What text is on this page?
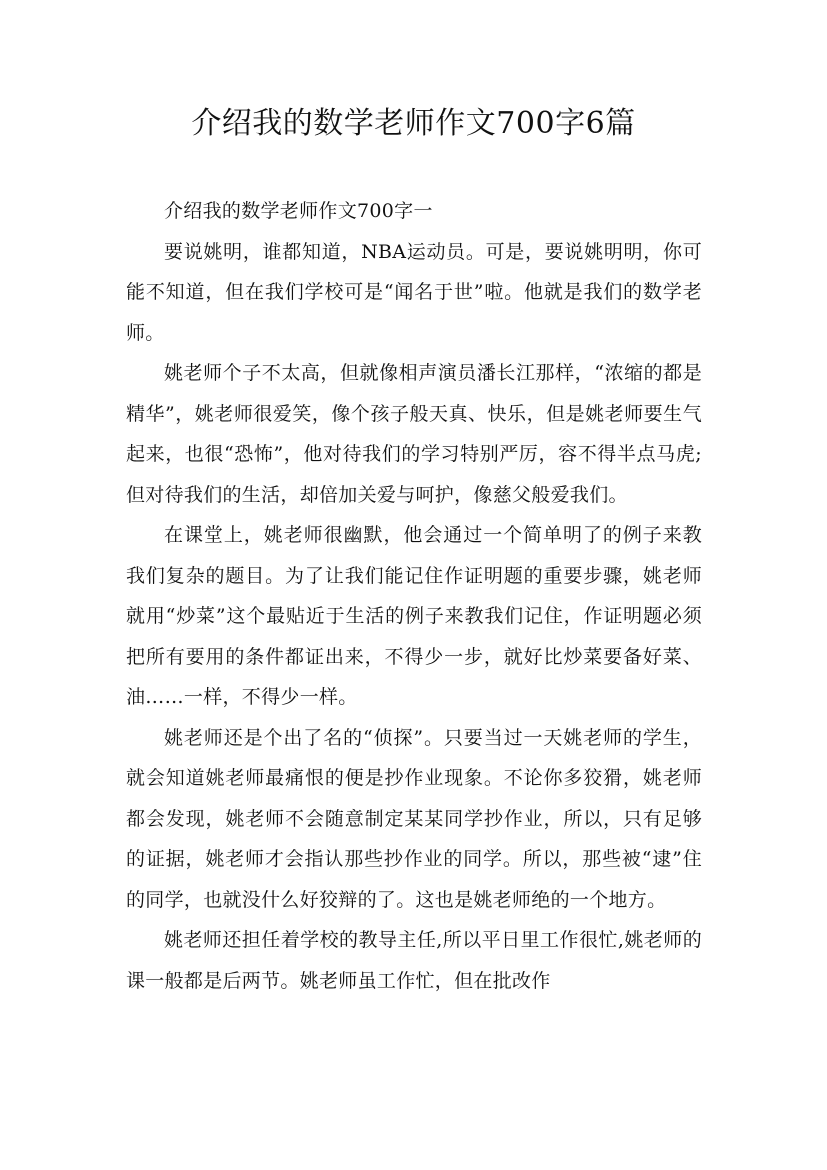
介绍我的数学老师作文700字6篇

介绍我的数学老师作文700字一

要说姚明，谁都知道，NBA运动员。可是，要说姚明明，你可能不知道，但在我们学校可是“闻名于世”啦。他就是我们的数学老师。

姚老师个子不太高，但就像相声演员潘长江那样，“浓缩的都是精华”，姚老师很爱笑，像个孩子般天真、快乐，但是姚老师要生气起来，也很“恐怖”，他对待我们的学习特别严厉，容不得半点马虎;但对待我们的生活，却倍加关爱与呵护，像慈父般爱我们。

在课堂上，姚老师很幽默，他会通过一个简单明了的例子来教我们复杂的题目。为了让我们能记住作证明题的重要步骤，姚老师就用“炒菜”这个最贴近于生活的例子来教我们记住，作证明题必须把所有要用的条件都证出来，不得少一步，就好比炒菜要备好菜、油……一样，不得少一样。

姚老师还是个出了名的“侦探”。只要当过一天姚老师的学生，就会知道姚老师最痛恨的便是抄作业现象。不论你多狡猾，姚老师都会发现，姚老师不会随意制定某某同学抄作业，所以，只有足够的证据，姚老师才会指认那些抄作业的同学。所以，那些被“逮”住的同学，也就没什么好狡辩的了。这也是姚老师绝的一个地方。

姚老师还担任着学校的教导主任,所以平日里工作很忙,姚老师的课一般都是后两节。姚老师虽工作忙，但在批改作
